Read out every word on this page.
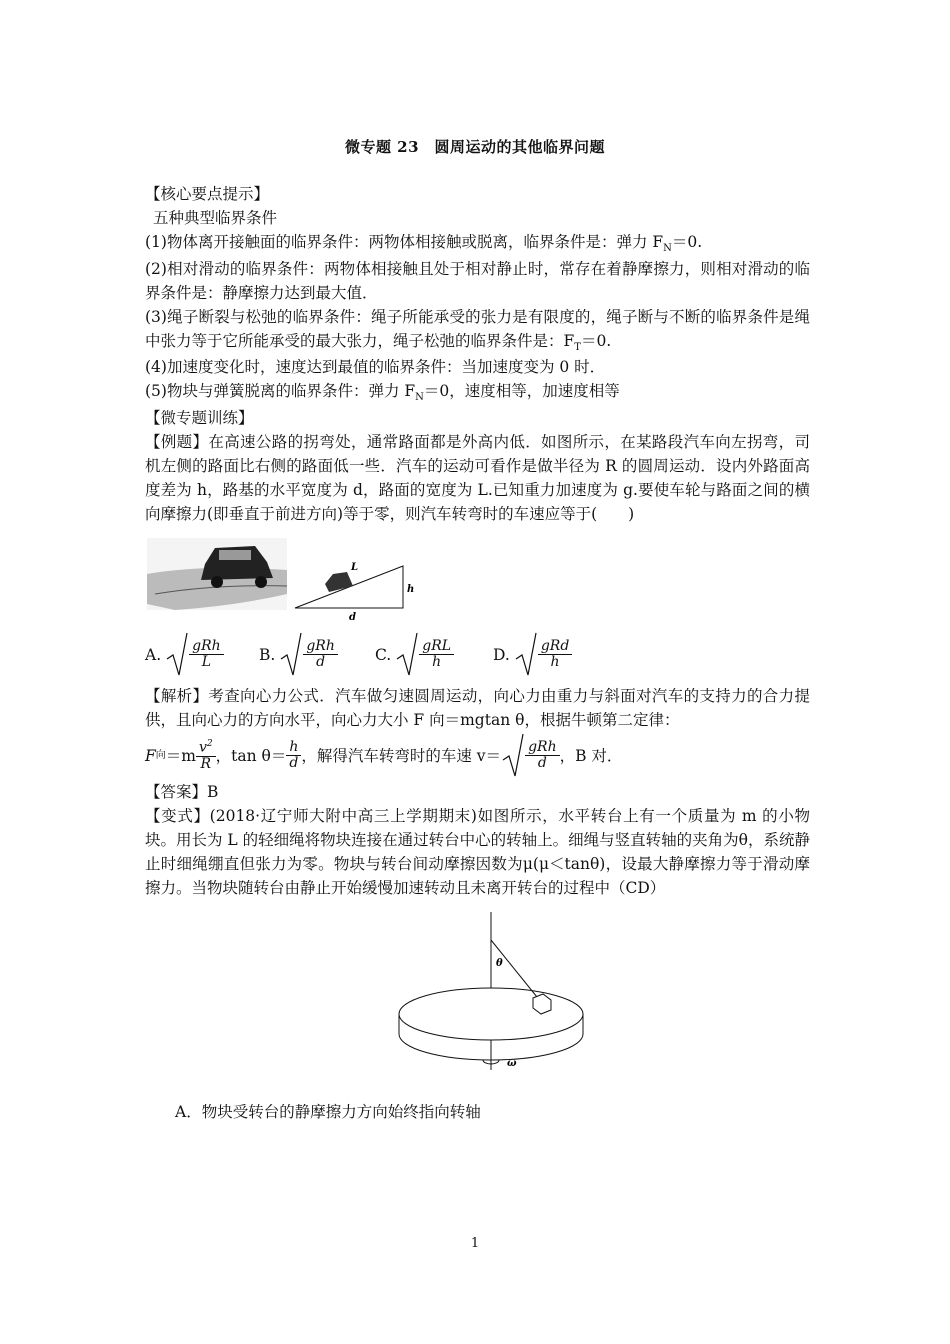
微专题 23　圆周运动的其他临界问题

【核心要点提示】

五种典型临界条件

(1)物体离开接触面的临界条件：两物体相接触或脱离，临界条件是：弹力 $F_N=0$.

(2)相对滑动的临界条件：两物体相接触且处于相对静止时，常存在着静摩擦力，则相对滑动的临界条件是：静摩擦力达到最大值．

(3)绳子断裂与松弛的临界条件：绳子所能承受的张力是有限度的，绳子断与不断的临界条件是绳中张力等于它所能承受的最大张力，绳子松弛的临界条件是：$F_T=0$.

(4)加速度变化时，速度达到最值的临界条件：当加速度变为 0 时．

(5)物块与弹簧脱离的临界条件：弹力 $F_N=0$，速度相等，加速度相等

【微专题训练】

【例题】在高速公路的拐弯处，通常路面都是外高内低．如图所示，在某路段汽车向左拐弯，司机左侧的路面比右侧的路面低一些．汽车的运动可看作是做半径为 R 的圆周运动．设内外路面高度差为 h，路基的水平宽度为 d，路面的宽度为 L.已知重力加速度为 g.要使车轮与路面之间的横向摩擦力(即垂直于前进方向)等于零，则汽车转弯时的车速应等于(　　)

L
h
d
A. $\frac{\text{gRh}}{L} B$. $\frac{\text{gRh}}{d} C$. $\frac{\text{gRL}}{h}$	D. $\frac{\text{gRd}}{h}$

【解析】考查向心力公式．汽车做匀速圆周运动，向心力由重力与斜面对汽车的支持力的合力提供，且向心力的方向水平，向心力大小 F 向＝mgtan θ，根据牛顿第二定律：

F 向 $=m \frac{v^2}{R}$ ，$\tan \theta= \frac{h}{d}$ ，解得汽车转弯时的车速 $v= \frac{\text{gRh}}{d}$ ，B 对．

【答案】B

【变式】(2018·辽宁师大附中高三上学期期末)如图所示，水平转台上有一个质量为 m 的小物块。用长为 L 的轻细绳将物块连接在通过转台中心的转轴上。细绳与竖直转轴的夹角为θ，系统静止时细绳绷直但张力为零。物块与转台间动摩擦因数为μ(μ＜tanθ)，设最大静摩擦力等于滑动摩擦力。当物块随转台由静止开始缓慢加速转动且未离开转台的过程中（CD）

θ
ω

A．物块受转台的静摩擦力方向始终指向转轴

1
